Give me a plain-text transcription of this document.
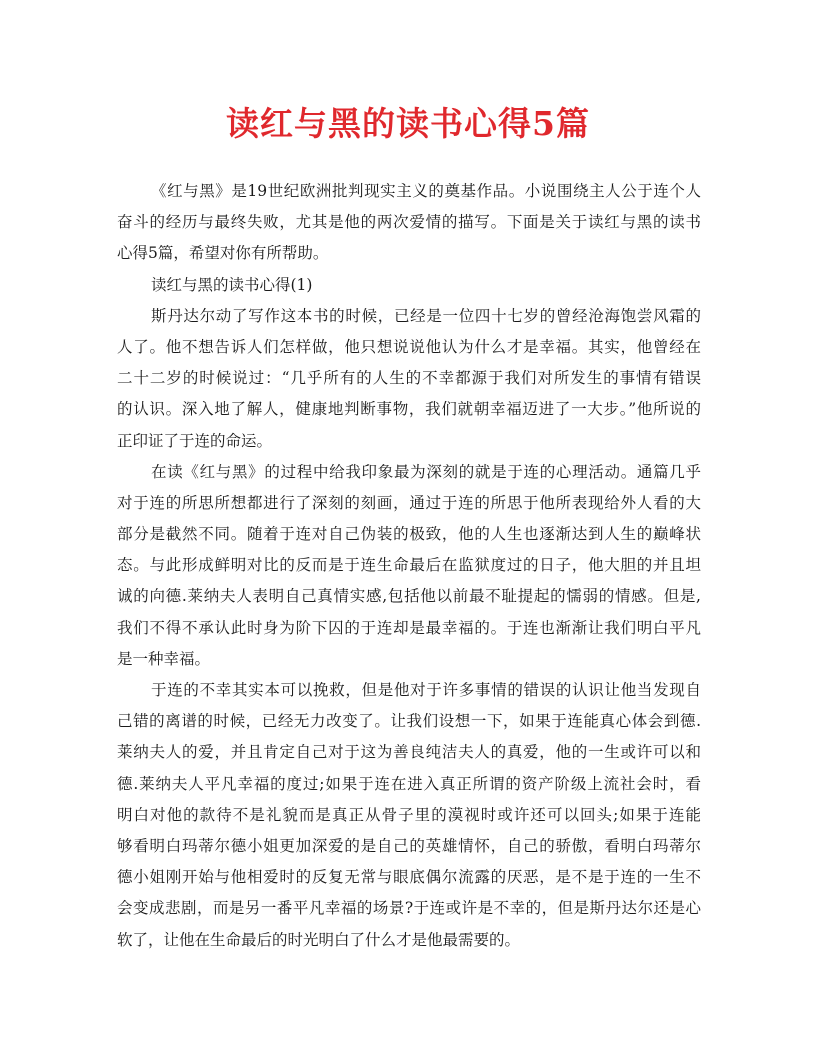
读红与黑的读书心得5篇
《红与黑》是19世纪欧洲批判现实主义的奠基作品。小说围绕主人公于连个人
奋斗的经历与最终失败，尤其是他的两次爱情的描写。下面是关于读红与黑的读书
心得5篇，希望对你有所帮助。
读红与黑的读书心得(1)
斯丹达尔动了写作这本书的时候，已经是一位四十七岁的曾经沧海饱尝风霜的
人了。他不想告诉人们怎样做，他只想说说他认为什么才是幸福。其实，他曾经在
二十二岁的时候说过：“几乎所有的人生的不幸都源于我们对所发生的事情有错误
的认识。深入地了解人，健康地判断事物，我们就朝幸福迈进了一大步。”他所说的
正印证了于连的命运。
在读《红与黑》的过程中给我印象最为深刻的就是于连的心理活动。通篇几乎
对于连的所思所想都进行了深刻的刻画，通过于连的所思于他所表现给外人看的大
部分是截然不同。随着于连对自己伪装的极致，他的人生也逐渐达到人生的巅峰状
态。与此形成鲜明对比的反而是于连生命最后在监狱度过的日子，他大胆的并且坦
诚的向德.莱纳夫人表明自己真情实感,包括他以前最不耻提起的懦弱的情感。但是,
我们不得不承认此时身为阶下囚的于连却是最幸福的。于连也渐渐让我们明白平凡
是一种幸福。
于连的不幸其实本可以挽救，但是他对于许多事情的错误的认识让他当发现自
己错的离谱的时候，已经无力改变了。让我们设想一下，如果于连能真心体会到德.
莱纳夫人的爱，并且肯定自己对于这为善良纯洁夫人的真爱，他的一生或许可以和
德.莱纳夫人平凡幸福的度过;如果于连在进入真正所谓的资产阶级上流社会时，看
明白对他的款待不是礼貌而是真正从骨子里的漠视时或许还可以回头;如果于连能
够看明白玛蒂尔德小姐更加深爱的是自己的英雄情怀，自己的骄傲，看明白玛蒂尔
德小姐刚开始与他相爱时的反复无常与眼底偶尔流露的厌恶，是不是于连的一生不
会变成悲剧，而是另一番平凡幸福的场景?于连或许是不幸的，但是斯丹达尔还是心
软了，让他在生命最后的时光明白了什么才是他最需要的。
